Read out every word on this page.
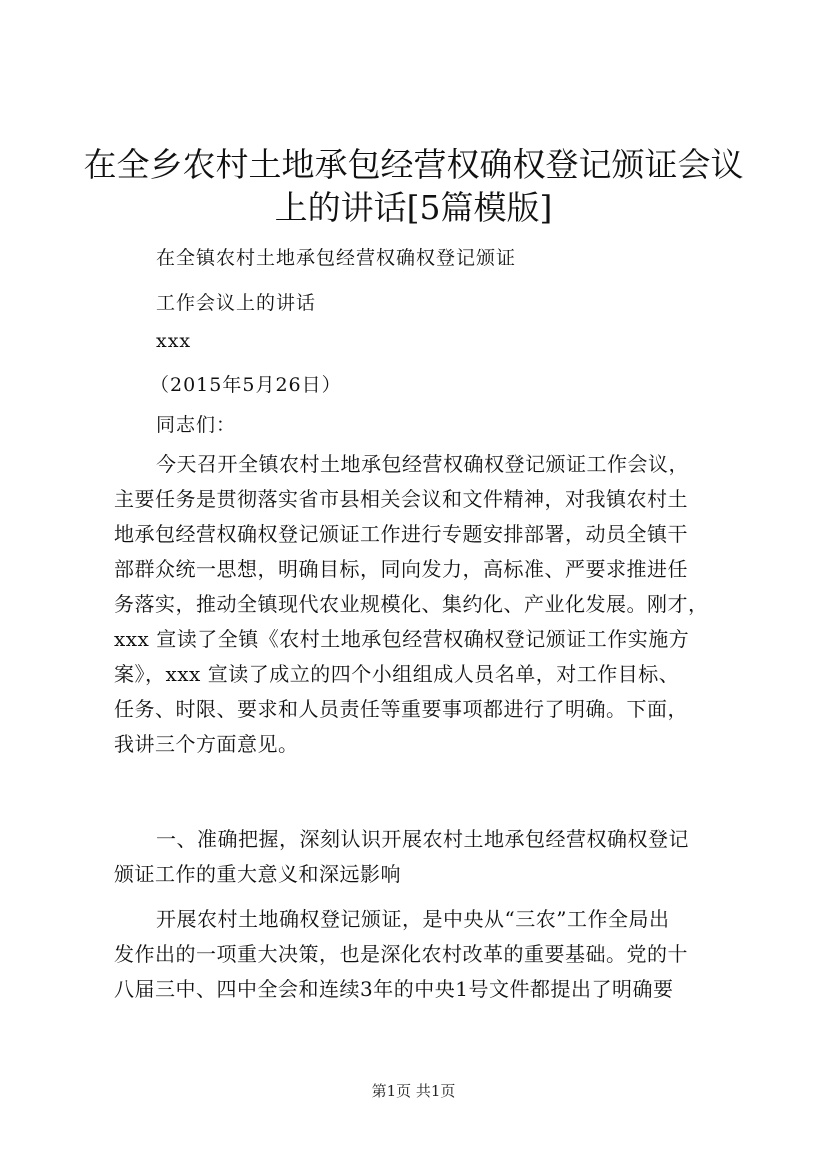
在全乡农村土地承包经营权确权登记颁证会议
上的讲话[5篇模版]
在全镇农村土地承包经营权确权登记颁证
工作会议上的讲话
xxx
（2015年5月26日）
同志们：
今天召开全镇农村土地承包经营权确权登记颁证工作会议，
主要任务是贯彻落实省市县相关会议和文件精神，对我镇农村土
地承包经营权确权登记颁证工作进行专题安排部署，动员全镇干
部群众统一思想，明确目标，同向发力，高标准、严要求推进任
务落实，推动全镇现代农业规模化、集约化、产业化发展。刚才，
xxx 宣读了全镇《农村土地承包经营权确权登记颁证工作实施方
案》，xxx 宣读了成立的四个小组组成人员名单，对工作目标、
任务、时限、要求和人员责任等重要事项都进行了明确。下面，
我讲三个方面意见。
一、准确把握，深刻认识开展农村土地承包经营权确权登记
颁证工作的重大意义和深远影响
开展农村土地确权登记颁证，是中央从“三农”工作全局出
发作出的一项重大决策，也是深化农村改革的重要基础。党的十
八届三中、四中全会和连续3年的中央1号文件都提出了明确要
第1页 共1页
